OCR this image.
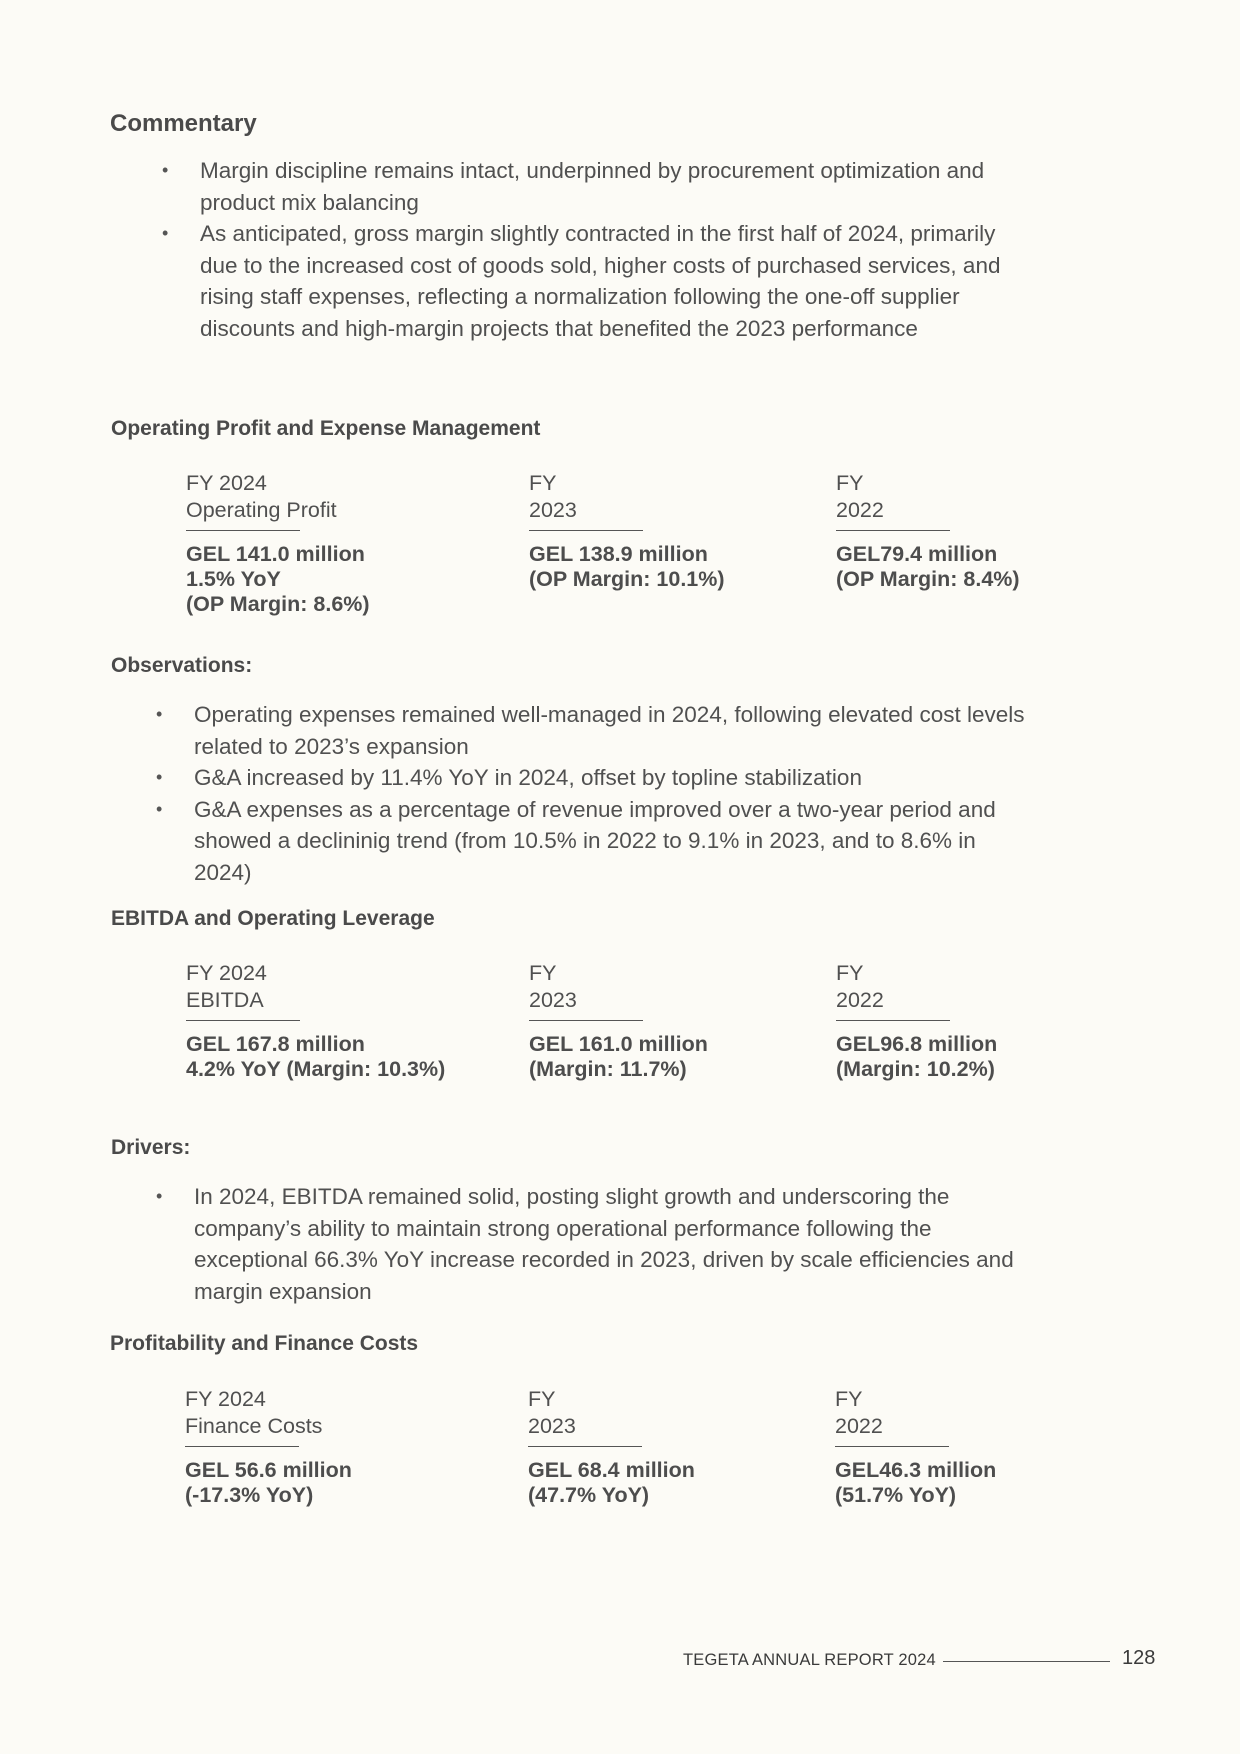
Commentary
• Margin discipline remains intact, underpinned by procurement optimization and
product mix balancing
• As anticipated, gross margin slightly contracted in the first half of 2024, primarily
due to the increased cost of goods sold, higher costs of purchased services, and
rising staff expenses, reflecting a normalization following the one-off supplier
discounts and high-margin projects that benefited the 2023 performance
Operating Profit and Expense Management
FY 2024
Operating Profit
GEL 141.0 million
1.5% YoY
(OP Margin: 8.6%)
FY
2023
GEL 138.9 million
(OP Margin: 10.1%)
FY
2022
GEL79.4 million
(OP Margin: 8.4%)
Observations:
• Operating expenses remained well-managed in 2024, following elevated cost levels
related to 2023’s expansion
• G&A increased by 11.4% YoY in 2024, offset by topline stabilization
• G&A expenses as a percentage of revenue improved over a two-year period and
showed a declininig trend (from 10.5% in 2022 to 9.1% in 2023, and to 8.6% in
2024)
EBITDA and Operating Leverage
FY 2024
EBITDA
GEL 167.8 million
4.2% YoY (Margin: 10.3%)
FY
2023
GEL 161.0 million
(Margin: 11.7%)
FY
2022
GEL96.8 million
(Margin: 10.2%)
Drivers:
• In 2024, EBITDA remained solid, posting slight growth and underscoring the
company’s ability to maintain strong operational performance following the
exceptional 66.3% YoY increase recorded in 2023, driven by scale efficiencies and
margin expansion
Profitability and Finance Costs
FY 2024
Finance Costs
GEL 56.6 million
(-17.3% YoY)
FY
2023
GEL 68.4 million
(47.7% YoY)
FY
2022
GEL46.3 million
(51.7% YoY)
TEGETA ANNUAL REPORT 2024	128
